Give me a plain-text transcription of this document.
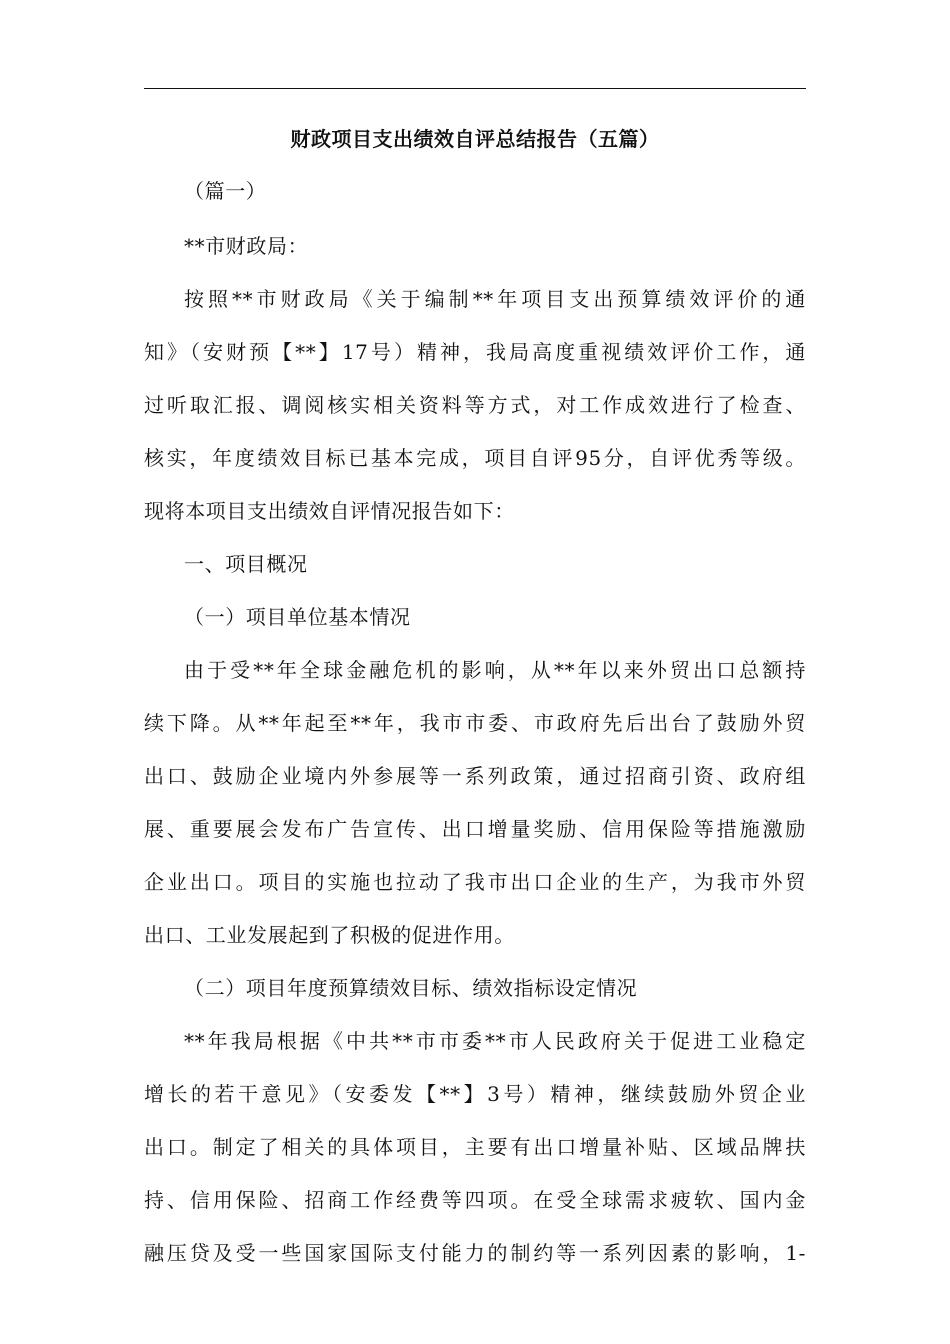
财政项目支出绩效自评总结报告（五篇）
（篇一）
**市财政局：
按照**市财政局《关于编制**年项目支出预算绩效评价的通
知》（安财预【**】17号）精神，我局高度重视绩效评价工作，通
过听取汇报、调阅核实相关资料等方式，对工作成效进行了检查、
核实，年度绩效目标已基本完成，项目自评95分，自评优秀等级。
现将本项目支出绩效自评情况报告如下：
一、项目概况
（一）项目单位基本情况
由于受**年全球金融危机的影响，从**年以来外贸出口总额持
续下降。从**年起至**年，我市市委、市政府先后出台了鼓励外贸
出口、鼓励企业境内外参展等一系列政策，通过招商引资、政府组
展、重要展会发布广告宣传、出口增量奖励、信用保险等措施激励
企业出口。项目的实施也拉动了我市出口企业的生产，为我市外贸
出口、工业发展起到了积极的促进作用。
（二）项目年度预算绩效目标、绩效指标设定情况
**年我局根据《中共**市市委**市人民政府关于促进工业稳定
增长的若干意见》（安委发【**】3号）精神，继续鼓励外贸企业
出口。制定了相关的具体项目，主要有出口增量补贴、区域品牌扶
持、信用保险、招商工作经费等四项。在受全球需求疲软、国内金
融压贷及受一些国家国际支付能力的制约等一系列因素的影响，1-
